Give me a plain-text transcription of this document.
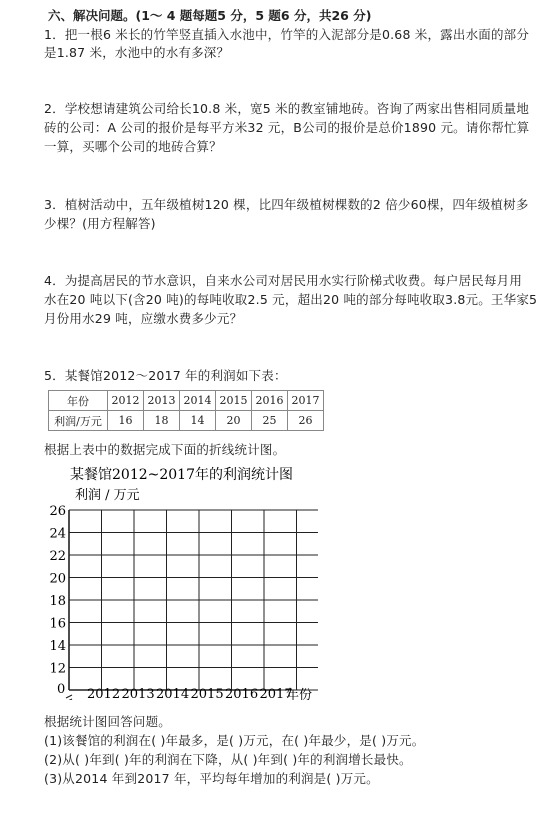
六、解决问题。(1～ 4 题每题5 分，5 题6 分，共26 分)
1．把一根6 米长的竹竿竖直插入水池中，竹竿的入泥部分是0.68 米，露出水面的部分
是1.87 米，水池中的水有多深？
2．学校想请建筑公司给长10.8 米，宽5 米的教室铺地砖。咨询了两家出售相同质量地
砖的公司：A 公司的报价是每平方米32 元，B公司的报价是总价1890 元。请你帮忙算
一算，买哪个公司的地砖合算？
3．植树活动中，五年级植树120 棵，比四年级植树棵数的2 倍少60棵，四年级植树多
少棵？(用方程解答)
4．为提高居民的节水意识，自来水公司对居民用水实行阶梯式收费。每户居民每月用
水在20 吨以下(含20 吨)的每吨收取2.5 元，超出20 吨的部分每吨收取3.8元。王华家5
月份用水29 吨，应缴水费多少元？
5．某餐馆2012～2017 年的利润如下表：
年份	2012	2013	2014	2015	2016	2017
利润/万元	16	18	14	20	25	26
根据上表中的数据完成下面的折线统计图。
某餐馆2012~2017年的利润统计图
利润 / 万元
年份
0
26
24
22
20
18
16
14
12
2012 2013 2014 2015 2016 2017
根据统计图回答问题。
(1)该餐馆的利润在( )年最多，是( )万元，在( )年最少，是( )万元。
(2)从( )年到( )年的利润在下降，从( )年到( )年的利润增长最快。
(3)从2014 年到2017 年，平均每年增加的利润是( )万元。
